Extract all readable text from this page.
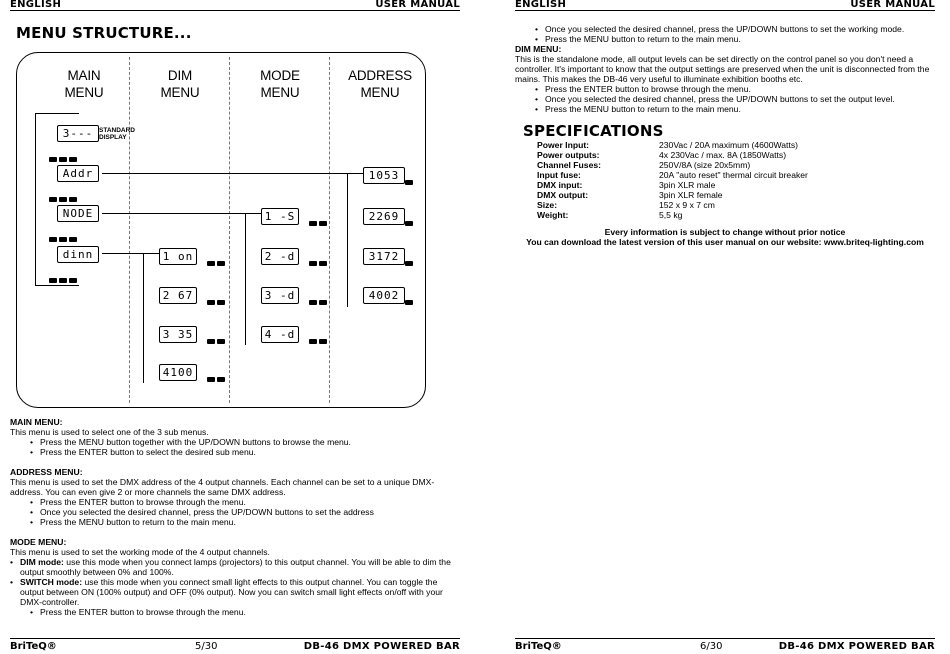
ENGLISH	USER MANUAL
MENU STRUCTURE...
MAIN
MENU
DIM
MENU
MODE
MENU
ADDRESS
MENU
STANDARD
DISPLAY
3---
Addr
NODE
dinn	1 on
2 67
3 35
4100
1 -S
2 -d
3 -d
4 -d
1053
2269
3172
4002

MAIN MENU:

This menu is used to select one of the 3 sub menus.

• Press the MENU button together with the UP/DOWN buttons to browse the menu.
• Press the ENTER button to select the desired sub menu.

ADDRESS MENU:

This menu is used to set the DMX address of the 4 output channels. Each channel can be set to a unique DMX-address. You can even give 2 or more channels the same DMX address.

• Press the ENTER button to browse through the menu.
• Once you selected the desired channel, press the UP/DOWN buttons to set the address
• Press the MENU button to return to the main menu.

MODE MENU:

This menu is used to set the working mode of the 4 output channels.

• DIM mode: use this mode when you connect lamps (projectors) to this output channel. You will be able to dim the output smoothly between 0% and 100%.
• SWITCH mode: use this mode when you connect small light effects to this output channel. You can toggle the output between ON (100% output) and OFF (0% output). Now you can switch small light effects on/off with your DMX-controller.
• Press the ENTER button to browse through the menu.
BriTeQ®	5/30	DB-46 DMX POWERED BAR
ENGLISH	USER MANUAL
• Once you selected the desired channel, press the UP/DOWN buttons to set the working mode.
• Press the MENU button to return to the main menu.

DIM MENU:

This is the standalone mode, all output levels can be set directly on the control panel so you don't need a controller. It's important to know that the output settings are preserved when the unit is disconnected from the mains. This makes the DB-46 very useful to illuminate exhibition booths etc.

• Press the ENTER button to browse through the menu.
• Once you selected the desired channel, press the UP/DOWN buttons to set the output level.
• Press the MENU button to return to the main menu.
SPECIFICATIONS
Power Input:	230Vac / 20A maximum (4600Watts)
Power outputs:	4x 230Vac / max. 8A (1850Watts)
Channel Fuses:	250V/8A (size 20x5mm)
Input fuse:	20A "auto reset" thermal circuit breaker
DMX input:	3pin XLR male
DMX output:	3pin XLR female
Size:	152 x 9 x 7 cm
Weight:	5,5 kg
Every information is subject to change without prior notice
You can download the latest version of this user manual on our website: www.briteq-lighting.com
BriTeQ®	6/30	DB-46 DMX POWERED BAR
